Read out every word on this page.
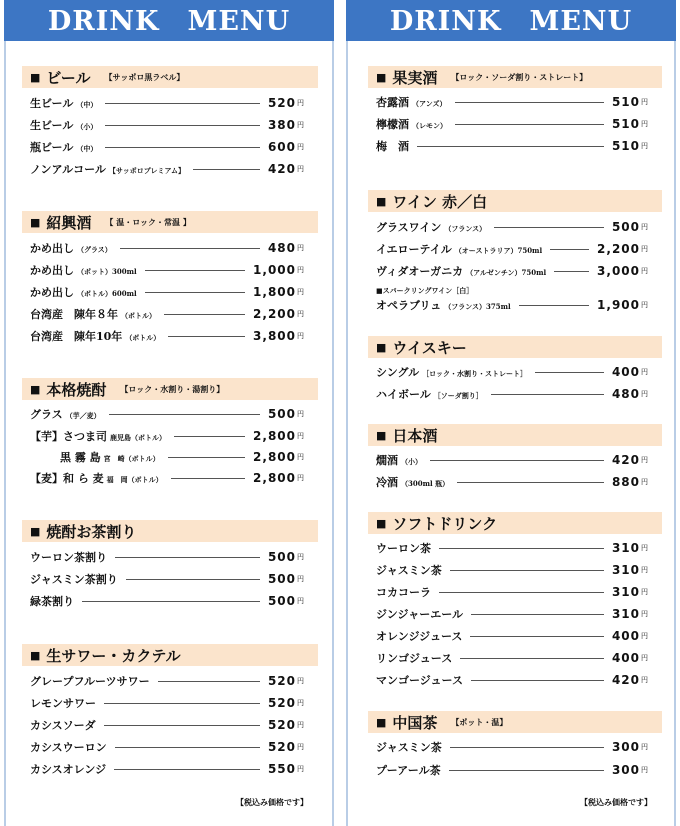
DRINK　MENU
■ ビール 【サッポロ黒ラベル】
生ビール （中）	520 円
生ビール （小）	380 円
瓶ビール （中）	600 円
ノンアルコール 【サッポロプレミアム】	420 円
■ 紹興酒 【 温・ロック・常温 】
かめ出し （グラス）	480 円
かめ出し （ポット）300ml	1,000 円
かめ出し （ボトル）600ml	1,800 円
台湾産　陳年８年 （ボトル）	2,200 円
台湾産　陳年10年 （ボトル）	3,800 円
■ 本格焼酎 【ロック・水割り・湯割り】
グラス （芋／麦）	500 円
【芋】さつま司 鹿児島（ボトル）	2,800 円
黒 霧 島 宮　崎（ボトル）	2,800 円
【麦】和 ら 麦 福　岡（ボトル）	2,800 円
■ 焼酎お茶割り
ウーロン茶割り	500 円
ジャスミン茶割り	500 円
緑茶割り	500 円
■ 生サワー・カクテル
グレープフルーツサワー	520 円
レモンサワー	520 円
カシスソーダ	520 円
カシスウーロン	520 円
カシスオレンジ	550 円
【税込み価格です】
DRINK　MENU
■ 果実酒 【ロック・ソーダ割り・ストレート】
杏露酒 （アンズ）	510 円
檸檬酒 （レモン）	510 円
梅　酒	510 円
■ ワイン 赤／白
グラスワイン （フランス）	500 円
イエローテイル （オーストラリア）750ml	2,200 円
ヴィダオーガニカ （アルゼンチン）750ml	3,000 円
■スパークリングワイン［白］
オペラブリュ （フランス）375ml	1,900 円
■ ウイスキー
シングル ［ロック・水割り・ストレート］	400 円
ハイボール ［ソーダ割り］	480 円
■ 日本酒
燗酒 （小）	420 円
冷酒 （300ml 瓶）	880 円
■ ソフトドリンク
ウーロン茶	310 円
ジャスミン茶	310 円
コカコーラ	310 円
ジンジャーエール	310 円
オレンジジュース	400 円
リンゴジュース	400 円
マンゴージュース	420 円
■ 中国茶 【ポット・温】
ジャスミン茶	300 円
プーアール茶	300 円
【税込み価格です】
